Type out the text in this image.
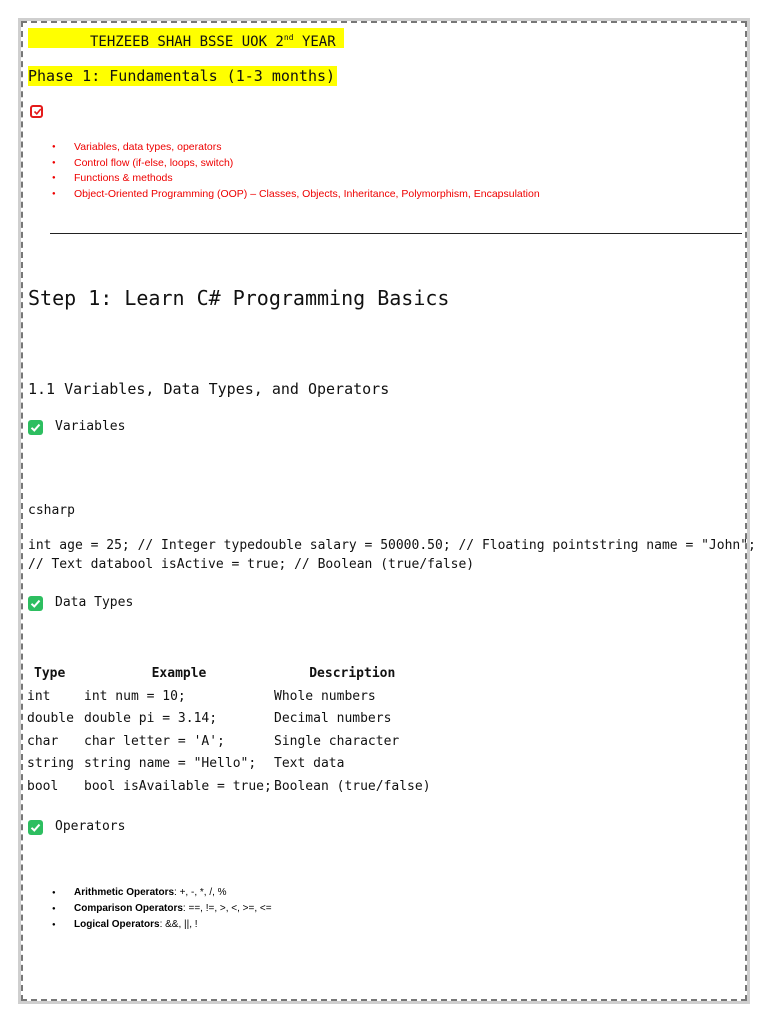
TEHZEEB SHAH BSSE UOK 2nd YEAR
Phase 1: Fundamentals (1-3 months)
● Variables, data types, operators
● Control flow (if-else, loops, switch)
● Functions & methods
● Object-Oriented Programming (OOP) – Classes, Objects, Inheritance, Polymorphism, Encapsulation
Step 1: Learn C# Programming Basics
1.1 Variables, Data Types, and Operators
Variables
csharp
int age = 25; // Integer typedouble salary = 50000.50; // Floating pointstring name = "John";
// Text databool isActive = true; // Boolean (true/false)
Data Types
Type	Example	Description
int	int num = 10;	Whole numbers
double	double pi = 3.14;	Decimal numbers
char	char letter = 'A';	Single character
string	string name = "Hello";	Text data
bool	bool isAvailable = true;	Boolean (true/false)
Operators
● Arithmetic Operators: +, -, *, /, %
● Comparison Operators: ==, !=, >, <, >=, <=
● Logical Operators: &&, ||, !
